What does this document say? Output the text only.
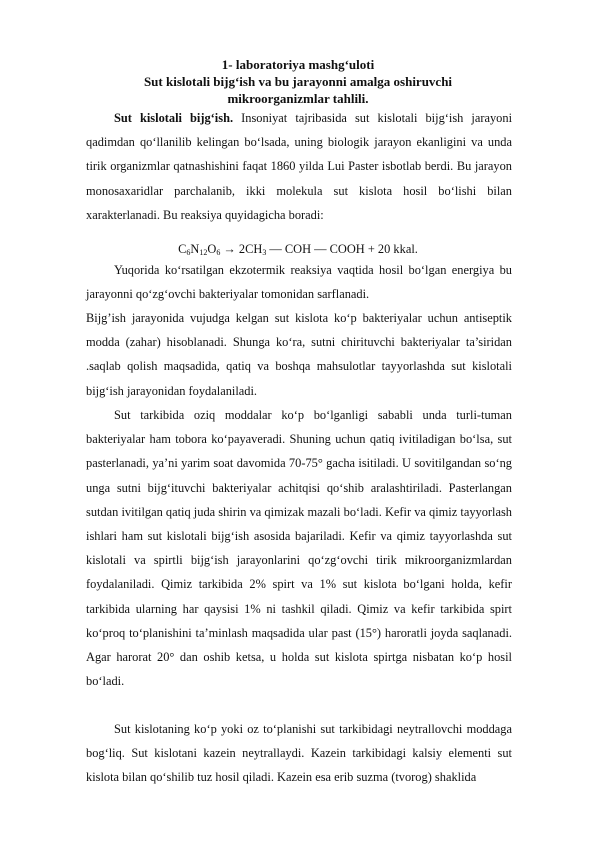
1- laboratoriya mashg‘uloti
Sut kislotali bijg‘ish va bu jarayonni amalga oshiruvchi
mikroorganizmlar tahlili.

Sut kislotali bijg‘ish. Insoniyat tajribasida sut kislotali bijg‘ish jarayoni qadimdan qo‘llanilib kelingan bo‘lsada, uning biologik jarayon ekanligini va unda tirik organizmlar qatnashishini faqat 1860 yilda Lui Paster isbotlab berdi. Bu jarayon monosaxaridlar parchalanib, ikki molekula sut kislota hosil bo‘lishi bilan xarakterlanadi. Bu reaksiya quyidagicha boradi:

$C_6N_{12}O_6 \to 2CH_3$ — COH — COOH + 20 kkal.

Yuqorida ko‘rsatilgan ekzotermik reaksiya vaqtida hosil bo‘lgan energiya bu jarayonni qo‘zg‘ovchi bakteriyalar tomonidan sarflanadi.

Bijg’ish jarayonida vujudga kelgan sut kislota ko‘p bakteriyalar uchun antiseptik modda (zahar) hisoblanadi. Shunga ko‘ra, sutni chirituvchi bakteriyalar ta’siridan .saqlab qolish maqsadida, qatiq va boshqa mahsulotlar tayyorlashda sut kislotali bijg‘ish jarayonidan foydalaniladi.

Sut tarkibida oziq moddalar ko‘p bo‘lganligi sababli unda turli-tuman bakteriyalar ham tobora ko‘payaveradi. Shuning uchun qatiq ivitiladigan bo‘lsa, sut pasterlanadi, ya’ni yarim soat davomida 70-75° gacha isitiladi. U sovitilgandan so‘ng unga sutni bijg‘ituvchi bakteriyalar achitqisi qo‘shib aralashtiriladi. Pasterlangan sutdan ivitilgan qatiq juda shirin va qimizak mazali bo‘ladi. Kefir va qimiz tayyorlash ishlari ham sut kislotali bijg‘ish asosida bajariladi. Kefir va qimiz tayyorlashda sut kislotali va spirtli bijg‘ish jarayonlarini qo‘zg‘ovchi tirik mikroorganizmlardan foydalaniladi. Qimiz tarkibida 2% spirt va 1% sut kislota bo‘lgani holda, kefir tarkibida ularning har qaysisi 1% ni tashkil qiladi. Qimiz va kefir tarkibida spirt ko‘proq to‘planishini ta’minlash maqsadida ular past (15°) haroratli joyda saqlanadi. Agar harorat 20° dan oshib ketsa, u holda sut kislota spirtga nisbatan ko‘p hosil bo‘ladi.

Sut kislotaning ko‘p yoki oz to‘planishi sut tarkibidagi neytrallovchi moddaga bog‘liq. Sut kislotani kazein neytrallaydi. Kazein tarkibidagi kalsiy elementi sut kislota bilan qo‘shilib tuz hosil qiladi. Kazein esa erib suzma (tvorog) shaklida
